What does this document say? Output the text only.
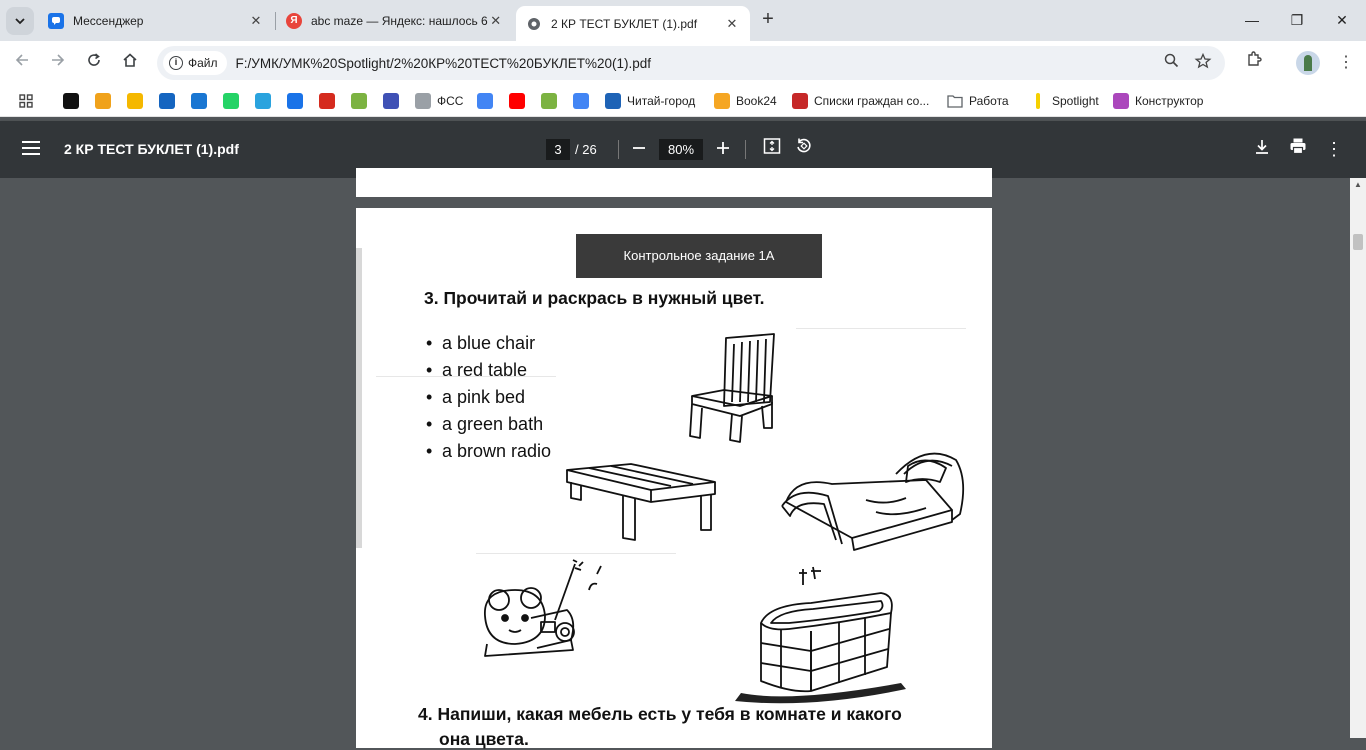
Мессенджер	✕	Я	abc maze — Яндекс: нашлось 6 ✕	2 КР ТЕСТ БУКЛЕТ (1).pdf	✕ +	— ❐ ✕
i Файл F:/УМК/УМК%20Spotlight/2%20КР%20ТЕСТ%20БУКЛЕТ%20(1).pdf	⋮
ФСС	Читай-город	Book24	Списки граждан со...	Работа	Spotlight	Конструктор
2 КР ТЕСТ БУКЛЕТ (1).pdf	3	/ 26	80%	⋮
Контрольное задание 1A
3. Прочитай и раскрась в нужный цвет.
• a blue chair
• a red table
• a pink bed
• a green bath
• a brown radio
4. Напиши, какая мебель есть у тебя в комнате и какого
она цвета.
▲
